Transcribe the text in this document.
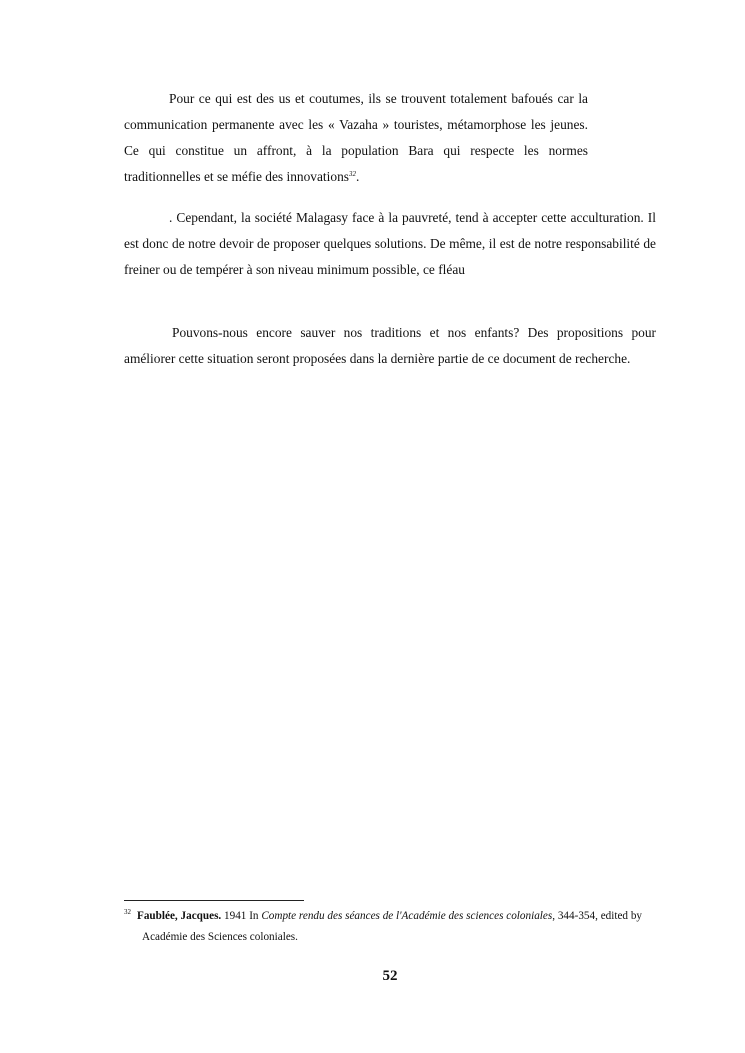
Pour ce qui est des us et coutumes, ils se trouvent totalement bafoués car la communication permanente avec les « Vazaha » touristes, métamorphose les jeunes. Ce qui constitue un affront, à la population Bara qui respecte les normes traditionnelles et se méfie des innovations$^{32}$.

. Cependant, la société Malagasy face à la pauvreté, tend à accepter cette acculturation. Il est donc de notre devoir de proposer quelques solutions. De même, il est de notre responsabilité de freiner ou de tempérer à son niveau minimum possible, ce fléau

Pouvons-nous encore sauver nos traditions et nos enfants? Des propositions pour améliorer cette situation seront proposées dans la dernière partie de ce document de recherche.

$^{32}$ Faublée, Jacques. 1941 In Compte rendu des séances de l'Académie des sciences coloniales, 344-354, edited by Académie des Sciences coloniales.

52
